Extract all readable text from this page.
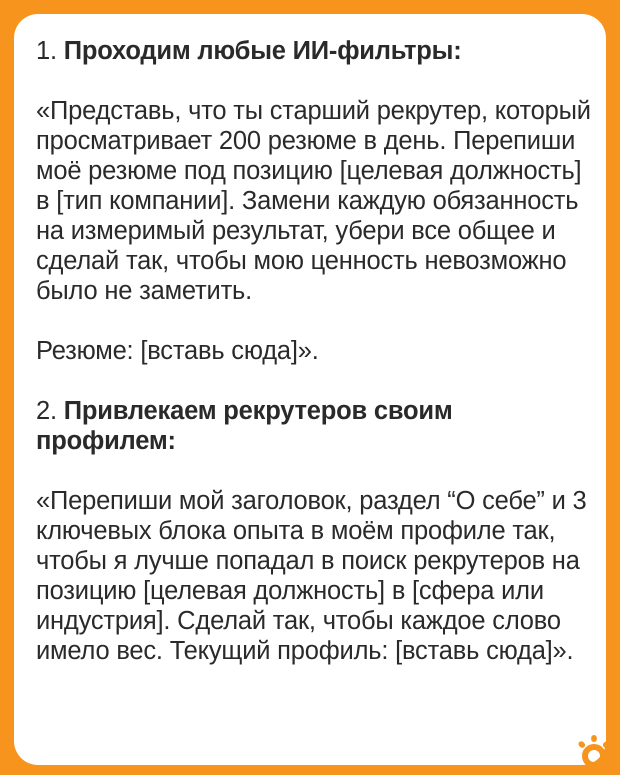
1. Проходим любые ИИ-фильтры:

«Представь, что ты старший рекрутер, который просматривает 200 резюме в день. Перепиши моё резюме под позицию [целевая должность] в [тип компании]. Замени каждую обязанность на измеримый результат, убери все общее и сделай так, чтобы мою ценность невозможно было не заметить.

Резюме: [вставь сюда]».

2. Привлекаем рекрутеров своим профилем:

«Перепиши мой заголовок, раздел “О себе” и 3 ключевых блока опыта в моём профиле так, чтобы я лучше попадал в поиск рекрутеров на позицию [целевая должность] в [сфера или индустрия]. Сделай так, чтобы каждое слово имело вес. Текущий профиль: [вставь сюда]».
